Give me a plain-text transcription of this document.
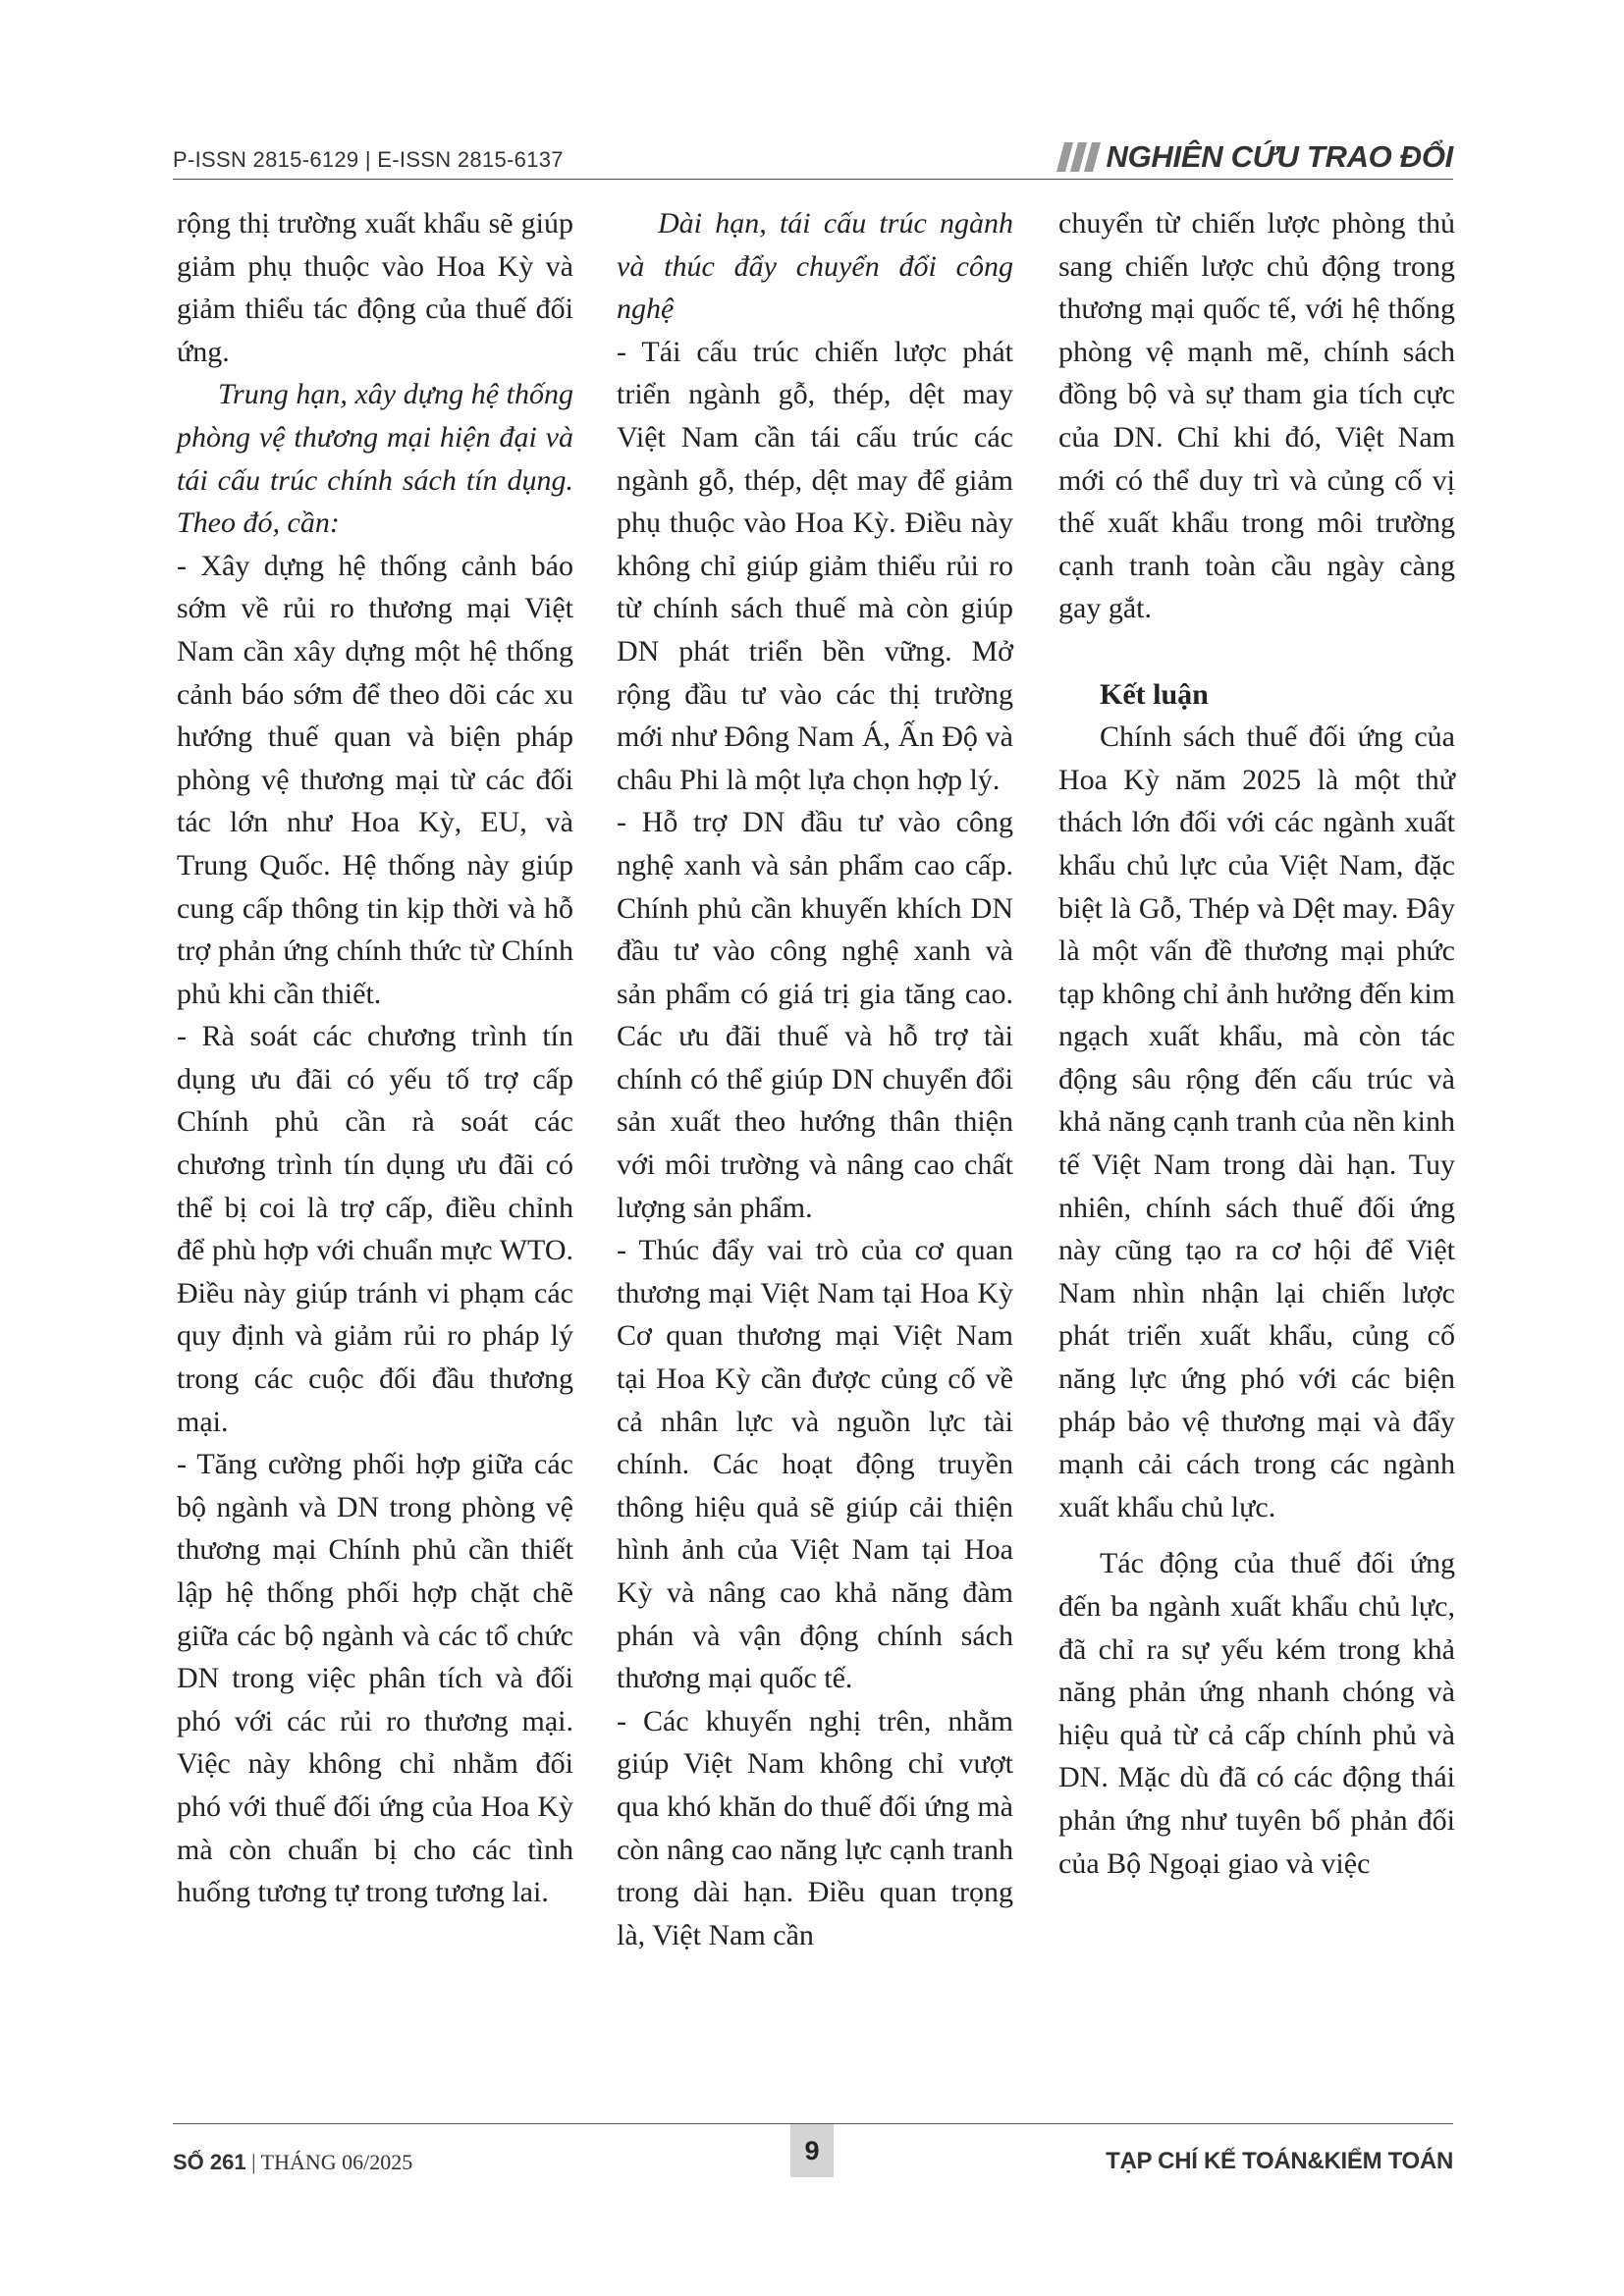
P-ISSN 2815-6129 | E-ISSN 2815-6137	NGHIÊN CỨU TRAO ĐỔI

rộng thị trường xuất khẩu sẽ giúp giảm phụ thuộc vào Hoa Kỳ và giảm thiểu tác động của thuế đối ứng.

Trung hạn, xây dựng hệ thống phòng vệ thương mại hiện đại và tái cấu trúc chính sách tín dụng. Theo đó, cần:

- Xây dựng hệ thống cảnh báo sớm về rủi ro thương mại Việt Nam cần xây dựng một hệ thống cảnh báo sớm để theo dõi các xu hướng thuế quan và biện pháp phòng vệ thương mại từ các đối tác lớn như Hoa Kỳ, EU, và Trung Quốc. Hệ thống này giúp cung cấp thông tin kịp thời và hỗ trợ phản ứng chính thức từ Chính phủ khi cần thiết.

- Rà soát các chương trình tín dụng ưu đãi có yếu tố trợ cấp Chính phủ cần rà soát các chương trình tín dụng ưu đãi có thể bị coi là trợ cấp, điều chỉnh để phù hợp với chuẩn mực WTO. Điều này giúp tránh vi phạm các quy định và giảm rủi ro pháp lý trong các cuộc đối đầu thương mại.

- Tăng cường phối hợp giữa các bộ ngành và DN trong phòng vệ thương mại Chính phủ cần thiết lập hệ thống phối hợp chặt chẽ giữa các bộ ngành và các tổ chức DN trong việc phân tích và đối phó với các rủi ro thương mại. Việc này không chỉ nhằm đối phó với thuế đối ứng của Hoa Kỳ mà còn chuẩn bị cho các tình huống tương tự trong tương lai.

Dài hạn, tái cấu trúc ngành và thúc đẩy chuyển đổi công nghệ

- Tái cấu trúc chiến lược phát triển ngành gỗ, thép, dệt may Việt Nam cần tái cấu trúc các ngành gỗ, thép, dệt may để giảm phụ thuộc vào Hoa Kỳ. Điều này không chỉ giúp giảm thiểu rủi ro từ chính sách thuế mà còn giúp DN phát triển bền vững. Mở rộng đầu tư vào các thị trường mới như Đông Nam Á, Ấn Độ và châu Phi là một lựa chọn hợp lý.

- Hỗ trợ DN đầu tư vào công nghệ xanh và sản phẩm cao cấp. Chính phủ cần khuyến khích DN đầu tư vào công nghệ xanh và sản phẩm có giá trị gia tăng cao. Các ưu đãi thuế và hỗ trợ tài chính có thể giúp DN chuyển đổi sản xuất theo hướng thân thiện với môi trường và nâng cao chất lượng sản phẩm.

- Thúc đẩy vai trò của cơ quan thương mại Việt Nam tại Hoa Kỳ Cơ quan thương mại Việt Nam tại Hoa Kỳ cần được củng cố về cả nhân lực và nguồn lực tài chính. Các hoạt động truyền thông hiệu quả sẽ giúp cải thiện hình ảnh của Việt Nam tại Hoa Kỳ và nâng cao khả năng đàm phán và vận động chính sách thương mại quốc tế.

- Các khuyến nghị trên, nhằm giúp Việt Nam không chỉ vượt qua khó khăn do thuế đối ứng mà còn nâng cao năng lực cạnh tranh trong dài hạn. Điều quan trọng là, Việt Nam cần

chuyển từ chiến lược phòng thủ sang chiến lược chủ động trong thương mại quốc tế, với hệ thống phòng vệ mạnh mẽ, chính sách đồng bộ và sự tham gia tích cực của DN. Chỉ khi đó, Việt Nam mới có thể duy trì và củng cố vị thế xuất khẩu trong môi trường cạnh tranh toàn cầu ngày càng gay gắt.

Kết luận

Chính sách thuế đối ứng của Hoa Kỳ năm 2025 là một thử thách lớn đối với các ngành xuất khẩu chủ lực của Việt Nam, đặc biệt là Gỗ, Thép và Dệt may. Đây là một vấn đề thương mại phức tạp không chỉ ảnh hưởng đến kim ngạch xuất khẩu, mà còn tác động sâu rộng đến cấu trúc và khả năng cạnh tranh của nền kinh tế Việt Nam trong dài hạn. Tuy nhiên, chính sách thuế đối ứng này cũng tạo ra cơ hội để Việt Nam nhìn nhận lại chiến lược phát triển xuất khẩu, củng cố năng lực ứng phó với các biện pháp bảo vệ thương mại và đẩy mạnh cải cách trong các ngành xuất khẩu chủ lực.

Tác động của thuế đối ứng đến ba ngành xuất khẩu chủ lực, đã chỉ ra sự yếu kém trong khả năng phản ứng nhanh chóng và hiệu quả từ cả cấp chính phủ và DN. Mặc dù đã có các động thái phản ứng như tuyên bố phản đối của Bộ Ngoại giao và việc

SỐ 261 | THÁNG 06/2025	9	TẠP CHÍ KẾ TOÁN&KIỂM TOÁN
